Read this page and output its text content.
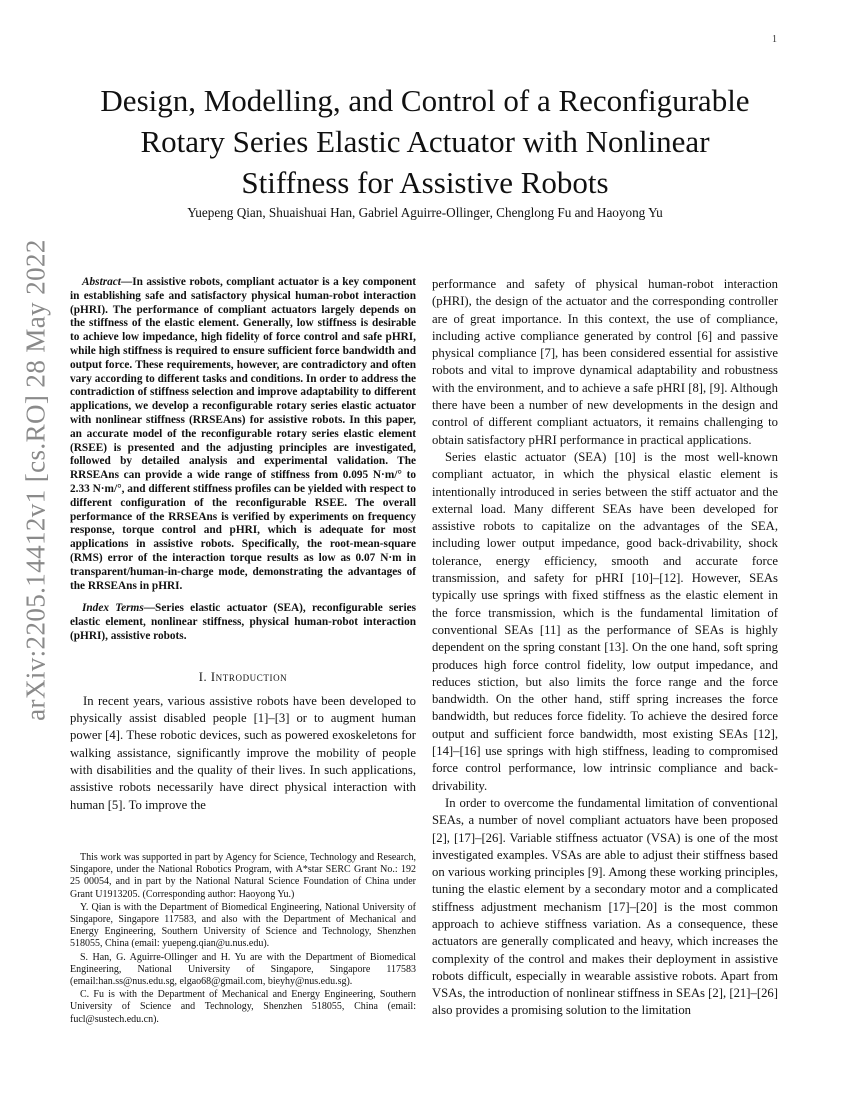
1
arXiv:2205.14412v1 [cs.RO] 28 May 2022
Design, Modelling, and Control of a Reconfigurable
Rotary Series Elastic Actuator with Nonlinear
Stiffness for Assistive Robots
Yuepeng Qian, Shuaishuai Han, Gabriel Aguirre-Ollinger, Chenglong Fu and Haoyong Yu

Abstract—In assistive robots, compliant actuator is a key component in establishing safe and satisfactory physical human-robot interaction (pHRI). The performance of compliant actuators largely depends on the stiffness of the elastic element. Generally, low stiffness is desirable to achieve low impedance, high fidelity of force control and safe pHRI, while high stiffness is required to ensure sufficient force bandwidth and output force. These requirements, however, are contradictory and often vary according to different tasks and conditions. In order to address the contradiction of stiffness selection and improve adaptability to different applications, we develop a reconfigurable rotary series elastic actuator with nonlinear stiffness (RRSEAns) for assistive robots. In this paper, an accurate model of the reconfigurable rotary series elastic element (RSEE) is presented and the adjusting principles are investigated, followed by detailed analysis and experimental validation. The RRSEAns can provide a wide range of stiffness from 0.095 N·m/° to 2.33 N·m/°, and different stiffness profiles can be yielded with respect to different configuration of the reconfigurable RSEE. The overall performance of the RRSEAns is verified by experiments on frequency response, torque control and pHRI, which is adequate for most applications in assistive robots. Specifically, the root-mean-square (RMS) error of the interaction torque results as low as 0.07 N·m in transparent/human-in-charge mode, demonstrating the advantages of the RRSEAns in pHRI.

Index Terms—Series elastic actuator (SEA), reconfigurable series elastic element, nonlinear stiffness, physical human-robot interaction (pHRI), assistive robots.

I. Introduction

In recent years, various assistive robots have been developed to physically assist disabled people [1]–[3] or to augment human power [4]. These robotic devices, such as powered exoskeletons for walking assistance, significantly improve the mobility of people with disabilities and the quality of their lives. In such applications, assistive robots necessarily have direct physical interaction with human [5]. To improve the

This work was supported in part by Agency for Science, Technology and Research, Singapore, under the National Robotics Program, with A*star SERC Grant No.: 192 25 00054, and in part by the National Natural Science Foundation of China under Grant U1913205. (Corresponding author: Haoyong Yu.)

Y. Qian is with the Department of Biomedical Engineering, National University of Singapore, Singapore 117583, and also with the Department of Mechanical and Energy Engineering, Southern University of Science and Technology, Shenzhen 518055, China (email: yuepeng.qian@u.nus.edu).

S. Han, G. Aguirre-Ollinger and H. Yu are with the Department of Biomedical Engineering, National University of Singapore, Singapore 117583 (email:han.ss@nus.edu.sg, elgao68@gmail.com, bieyhy@nus.edu.sg).

C. Fu is with the Department of Mechanical and Energy Engineering, Southern University of Science and Technology, Shenzhen 518055, China (email: fucl@sustech.edu.cn).

performance and safety of physical human-robot interaction (pHRI), the design of the actuator and the corresponding controller are of great importance. In this context, the use of compliance, including active compliance generated by control [6] and passive physical compliance [7], has been considered essential for assistive robots and vital to improve dynamical adaptability and robustness with the environment, and to achieve a safe pHRI [8], [9]. Although there have been a number of new developments in the design and control of different compliant actuators, it remains challenging to obtain satisfactory pHRI performance in practical applications.

Series elastic actuator (SEA) [10] is the most well-known compliant actuator, in which the physical elastic element is intentionally introduced in series between the stiff actuator and the external load. Many different SEAs have been developed for assistive robots to capitalize on the advantages of the SEA, including lower output impedance, good back-drivability, shock tolerance, energy efficiency, smooth and accurate force transmission, and safety for pHRI [10]–[12]. However, SEAs typically use springs with fixed stiffness as the elastic element in the force transmission, which is the fundamental limitation of conventional SEAs [11] as the performance of SEAs is highly dependent on the spring constant [13]. On the one hand, soft spring produces high force control fidelity, low output impedance, and reduces stiction, but also limits the force range and the force bandwidth. On the other hand, stiff spring increases the force bandwidth, but reduces force fidelity. To achieve the desired force output and sufficient force bandwidth, most existing SEAs [12], [14]–[16] use springs with high stiffness, leading to compromised force control performance, low intrinsic compliance and back-drivability.

In order to overcome the fundamental limitation of conventional SEAs, a number of novel compliant actuators have been proposed [2], [17]–[26]. Variable stiffness actuator (VSA) is one of the most investigated examples. VSAs are able to adjust their stiffness based on various working principles [9]. Among these working principles, tuning the elastic element by a secondary motor and a complicated stiffness adjustment mechanism [17]–[20] is the most common approach to achieve stiffness variation. As a consequence, these actuators are generally complicated and heavy, which increases the complexity of the control and makes their deployment in assistive robots difficult, especially in wearable assistive robots. Apart from VSAs, the introduction of nonlinear stiffness in SEAs [2], [21]–[26] also provides a promising solution to the limitation
